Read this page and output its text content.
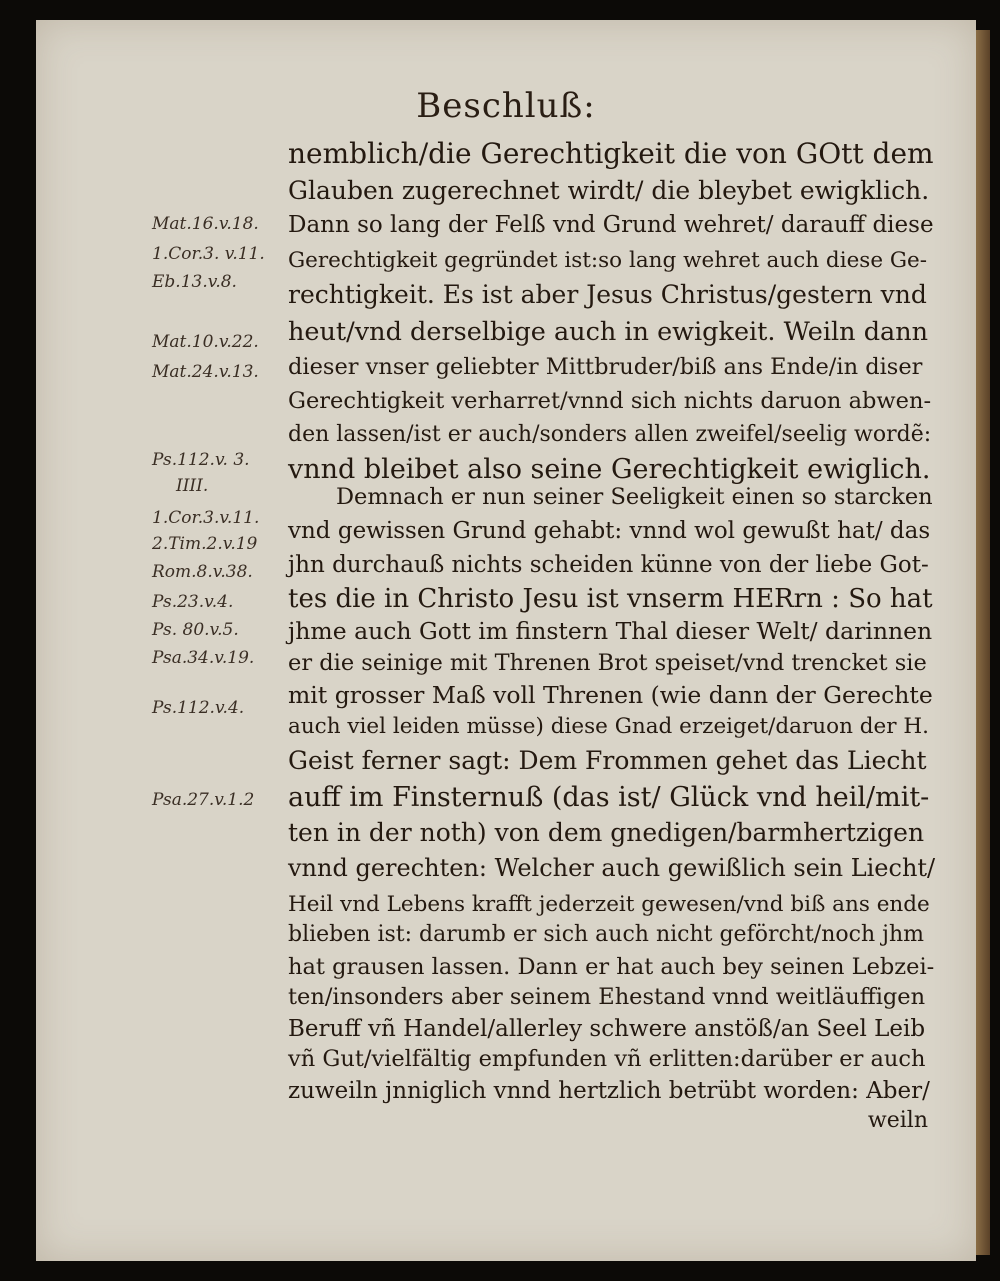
Beschluß:
nemblich/die Gerechtigkeit die von GOtt dem
Glauben zugerechnet wirdt/ die bleybet ewigklich.
Dann so lang der Felß vnd Grund wehret/ darauff diese
Gerechtigkeit gegründet ist:so lang wehret auch diese Ge-
rechtigkeit. Es ist aber Jesus Christus/gestern vnd
heut/vnd derselbige auch in ewigkeit. Weiln dann
dieser vnser geliebter Mittbruder/biß ans Ende/in diser
Gerechtigkeit verharret/vnnd sich nichts daruon abwen-
den lassen/ist er auch/sonders allen zweifel/seelig wordẽ:
vnnd bleibet also seine Gerechtigkeit ewiglich.
Demnach er nun seiner Seeligkeit einen so starcken
vnd gewissen Grund gehabt: vnnd wol gewußt hat/ das
jhn durchauß nichts scheiden künne von der liebe Got-
tes die in Christo Jesu ist vnserm HERrn : So hat
jhme auch Gott im finstern Thal dieser Welt/ darinnen
er die seinige mit Threnen Brot speiset/vnd trencket sie
mit grosser Maß voll Threnen (wie dann der Gerechte
auch viel leiden müsse) diese Gnad erzeiget/daruon der H.
Geist ferner sagt: Dem Frommen gehet das Liecht
auff im Finsternuß (das ist/ Glück vnd heil/mit-
ten in der noth) von dem gnedigen/barmhertzigen
vnnd gerechten: Welcher auch gewißlich sein Liecht/
Heil vnd Lebens krafft jederzeit gewesen/vnd biß ans ende
blieben ist: darumb er sich auch nicht geförcht/noch jhm
hat grausen lassen. Dann er hat auch bey seinen Lebzei-
ten/insonders aber seinem Ehestand vnnd weitläuffigen
Beruff vñ Handel/allerley schwere anstöß/an Seel Leib
vñ Gut/vielfältig empfunden vñ erlitten:darüber er auch
zuweiln jnniglich vnnd hertzlich betrübt worden: Aber/
weiln
Mat.16.v.18.
1.Cor.3. v.11.
Eb.13.v.8.
Mat.10.v.22.
Mat.24.v.13.
Ps.112.v. 3.
IIII.
1.Cor.3.v.11.
2.Tim.2.v.19
Rom.8.v.38.
Ps.23.v.4.
Ps. 80.v.5.
Psa.34.v.19.
Ps.112.v.4.
Psa.27.v.1.2
